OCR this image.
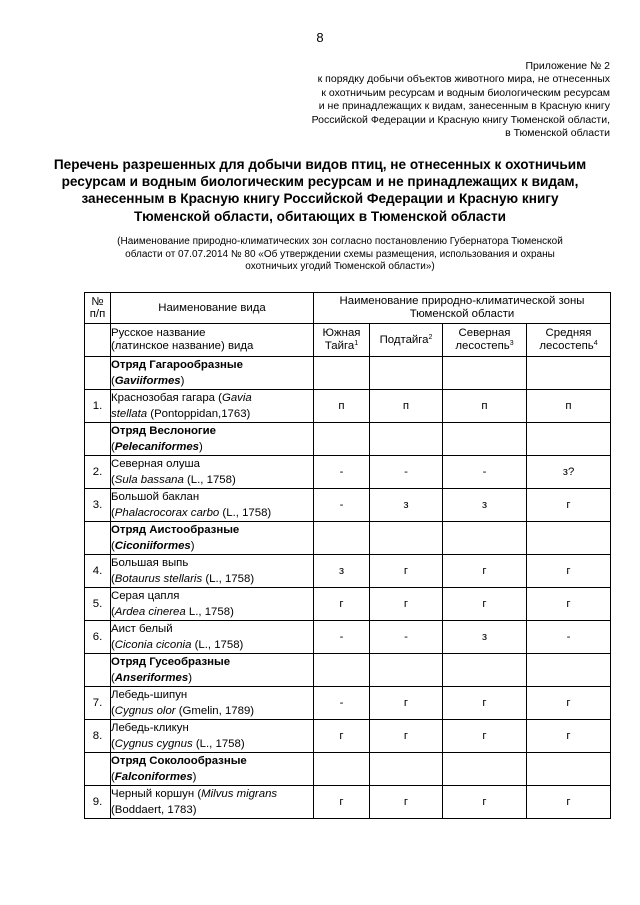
8
Приложение № 2
к порядку добычи объектов животного мира, не отнесенных
к охотничьим ресурсам и водным биологическим ресурсам
и не принадлежащих к видам, занесенным в Красную книгу
Российской Федерации и Красную книгу Тюменской области,
в Тюменской области
Перечень разрешенных для добычи видов птиц, не отнесенных к охотничьим
ресурсам и водным биологическим ресурсам и не принадлежащих к видам,
занесенным в Красную книгу Российской Федерации и Красную книгу
Тюменской области, обитающих в Тюменской области
(Наименование природно-климатических зон согласно постановлению Губернатора Тюменской
области от 07.07.2014 № 80 «Об утверждении схемы размещения, использования и охраны
охотничьих угодий Тюменской области»)
№
п/п	Наименование вида	Наименование природно-климатической зоны
Тюменской области			
	Русское название
(латинское название) вида	Южная
Тайга$^1$	Подтайга$^2$	Северная
лесостепь$^3$	Средняя
лесостепь$^4$
	Отряд Гагарообразные
(Gaviiformes)				
1.	Краснозобая гагара (Gavia
stellata (Pontoppidan,1763)	п	п	п	п
	Отряд Веслоногие
(Pelecaniformes)				
2.	Северная олуша
(Sula bassana (L., 1758)	-	-	-	з?
3.	Большой баклан
(Phalacrocorax carbo (L., 1758)	-	з	з	г
	Отряд Аистообразные
(Ciconiiformes)				
4.	Большая выпь
(Botaurus stellaris (L., 1758)	з	г	г	г
5.	Серая цапля
(Ardea cinerea L., 1758)	г	г	г	г
6.	Аист белый
(Ciconia ciconia (L., 1758)	-	-	з	-
	Отряд Гусеобразные
(Anseriformes)				
7.	Лебедь-шипун
(Cygnus olor (Gmelin, 1789)	-	г	г	г
8.	Лебедь-кликун
(Cygnus cygnus (L., 1758)	г	г	г	г
	Отряд Соколообразные
(Falconiformes)				
9.	Черный коршун (Milvus migrans
(Boddaert, 1783)	г	г	г	г
